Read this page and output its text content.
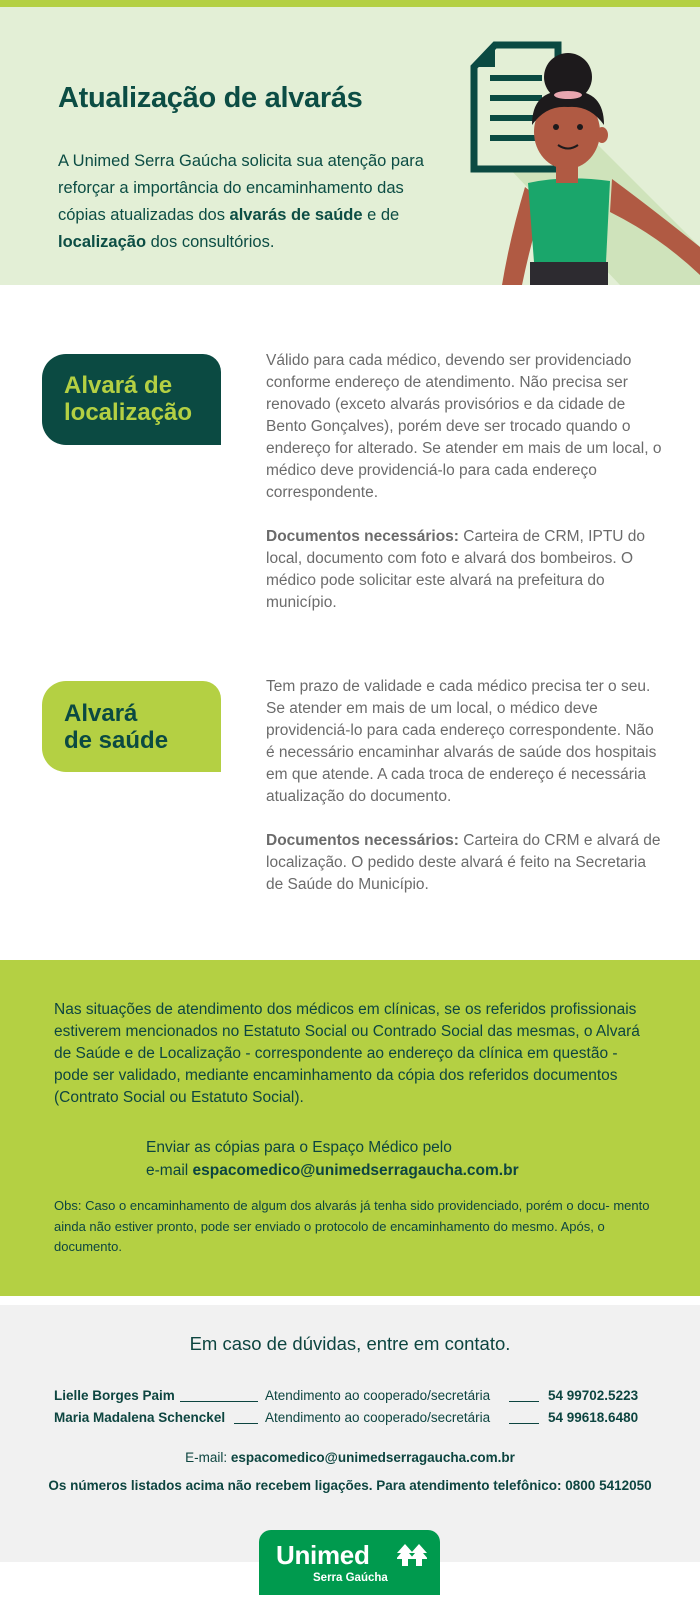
Atualização de alvarás

A Unimed Serra Gaúcha solicita sua atenção para reforçar a importância do encaminhamento das cópias atualizadas dos alvarás de saúde e de localização dos consultórios.

Alvará de
localização
Válido para cada médico, devendo ser providenciado conforme endereço de atendimento. Não precisa ser renovado (exceto alvarás provisórios e da cidade de Bento Gonçalves), porém deve ser trocado quando o endereço for alterado. Se atender em mais de um local, o médico deve providenciá-lo para cada endereço correspondente.
Documentos necessários: Carteira de CRM, IPTU do local, documento com foto e alvará dos bombeiros. O médico pode solicitar este alvará na prefeitura do município.
Alvará
de saúde
Tem prazo de validade e cada médico precisa ter o seu. Se atender em mais de um local, o médico deve providenciá-lo para cada endereço correspondente. Não é necessário encaminhar alvarás de saúde dos hospitais em que atende. A cada troca de endereço é necessária atualização do documento.
Documentos necessários: Carteira do CRM e alvará de localização. O pedido deste alvará é feito na Secretaria de Saúde do Município.

Nas situações de atendimento dos médicos em clínicas, se os referidos profissionais estiverem mencionados no Estatuto Social ou Contrado Social das mesmas, o Alvará de Saúde e de Localização - correspondente ao endereço da clínica em questão - pode ser validado, mediante encaminhamento da cópia dos referidos documentos (Contrato Social ou Estatuto Social).

Enviar as cópias para o Espaço Médico pelo
e-mail espacomedico@unimedserragaucha.com.br

Obs: Caso o encaminhamento de algum dos alvarás já tenha sido providenciado, porém o docu- mento ainda não estiver pronto, pode ser enviado o protocolo de encaminhamento do mesmo. Após, o documento.

Em caso de dúvidas, entre em contato.
Lielle Borges Paim	Atendimento ao cooperado/secretária	54 99702.5223
Maria Madalena Schenckel	Atendimento ao cooperado/secretária	54 99618.6480
E-mail: espacomedico@unimedserragaucha.com.br
Os números listados acima não recebem ligações. Para atendimento telefônico: 0800 5412050
Unimed
Serra Gaúcha
